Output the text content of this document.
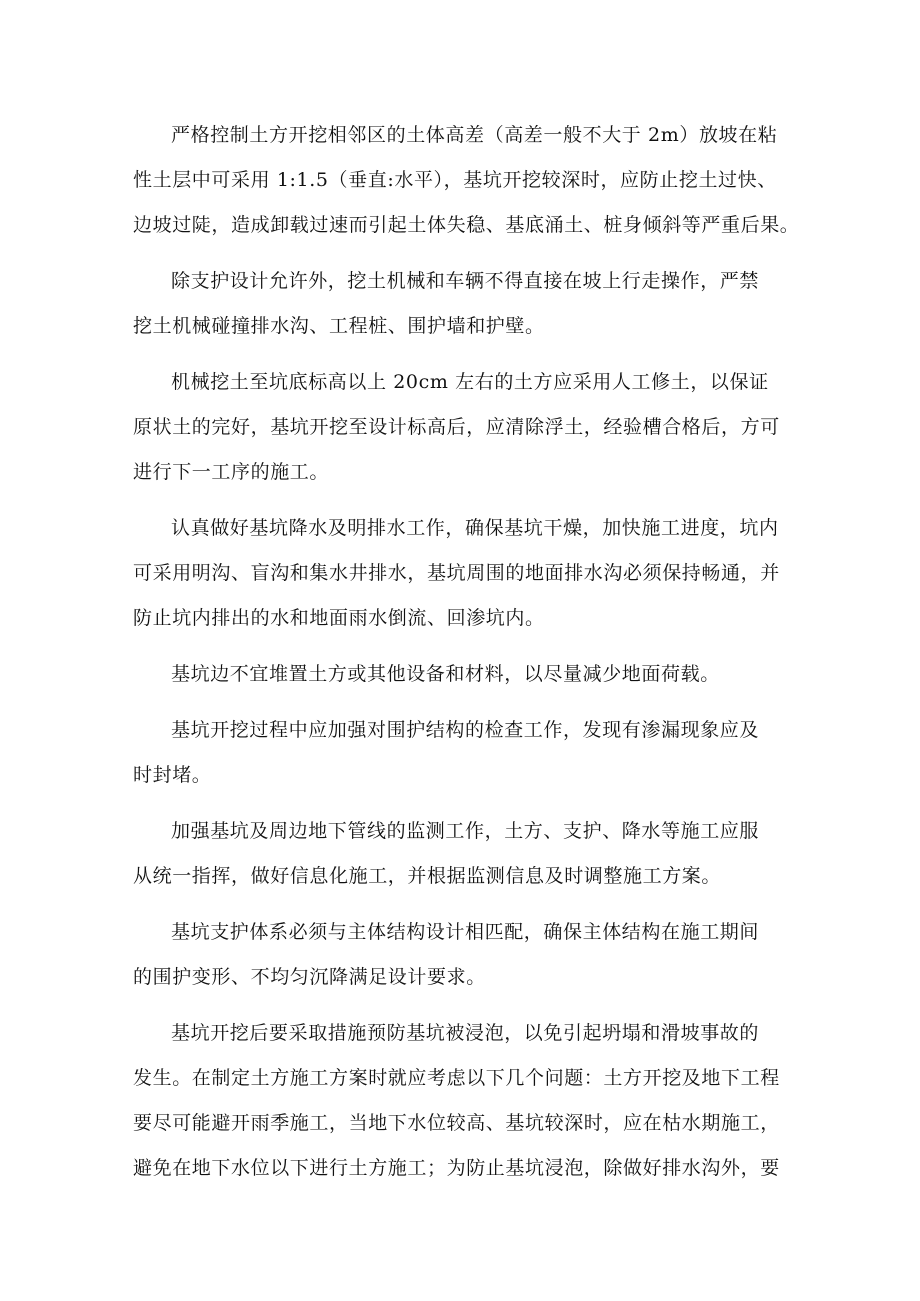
严格控制土方开挖相邻区的土体高差（高差一般不大于 2m）放坡在粘
性土层中可采用 1:1.5（垂直:水平），基坑开挖较深时，应防止挖土过快、
边坡过陡，造成卸载过速而引起土体失稳、基底涌土、桩身倾斜等严重后果。

除支护设计允许外，挖土机械和车辆不得直接在坡上行走操作，严禁
挖土机械碰撞排水沟、工程桩、围护墙和护壁。

机械挖土至坑底标高以上 20cm 左右的土方应采用人工修土，以保证
原状土的完好，基坑开挖至设计标高后，应清除浮土，经验槽合格后，方可
进行下一工序的施工。

认真做好基坑降水及明排水工作，确保基坑干燥，加快施工进度，坑内
可采用明沟、盲沟和集水井排水，基坑周围的地面排水沟必须保持畅通，并
防止坑内排出的水和地面雨水倒流、回渗坑内。

基坑边不宜堆置土方或其他设备和材料，以尽量减少地面荷载。

基坑开挖过程中应加强对围护结构的检查工作，发现有渗漏现象应及
时封堵。

加强基坑及周边地下管线的监测工作，土方、支护、降水等施工应服
从统一指挥，做好信息化施工，并根据监测信息及时调整施工方案。

基坑支护体系必须与主体结构设计相匹配，确保主体结构在施工期间
的围护变形、不均匀沉降满足设计要求。

基坑开挖后要采取措施预防基坑被浸泡，以免引起坍塌和滑坡事故的
发生。在制定土方施工方案时就应考虑以下几个问题：土方开挖及地下工程
要尽可能避开雨季施工，当地下水位较高、基坑较深时，应在枯水期施工，
避免在地下水位以下进行土方施工；为防止基坑浸泡，除做好排水沟外，要
